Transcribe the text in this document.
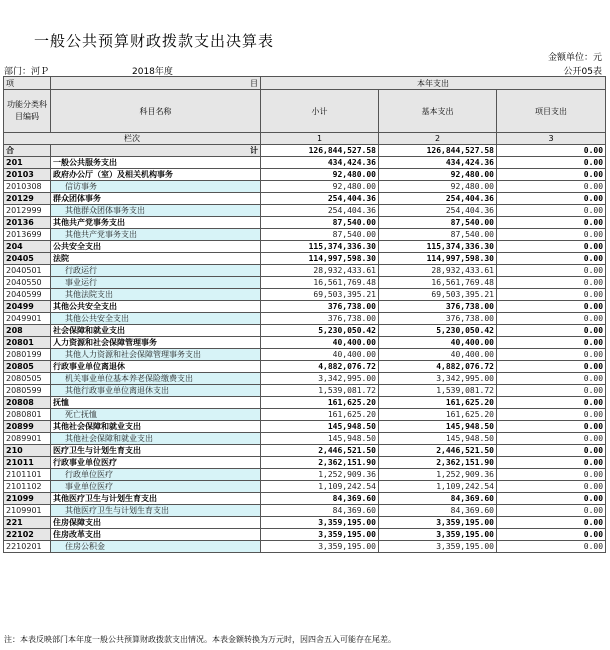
一般公共预算财政拨款支出决算表
金额单位：元
部门：河Ｐ	2018年度	公开05表
项	目	本年支出		
功能分类科目编码	科目名称	小计	基本支出	项目支出
栏次		1	2	3
合	计	126,844,527.58	126,844,527.58	0.00
201	一般公共服务支出	434,424.36	434,424.36	0.00
20103	政府办公厅（室）及相关机构事务	92,480.00	92,480.00	0.00
2010308	信访事务	92,480.00	92,480.00	0.00
20129	群众团体事务	254,404.36	254,404.36	0.00
2012999	其他群众团体事务支出	254,404.36	254,404.36	0.00
20136	其他共产党事务支出	87,540.00	87,540.00	0.00
2013699	其他共产党事务支出	87,540.00	87,540.00	0.00
204	公共安全支出	115,374,336.30	115,374,336.30	0.00
20405	法院	114,997,598.30	114,997,598.30	0.00
2040501	行政运行	28,932,433.61	28,932,433.61	0.00
2040550	事业运行	16,561,769.48	16,561,769.48	0.00
2040599	其他法院支出	69,503,395.21	69,503,395.21	0.00
20499	其他公共安全支出	376,738.00	376,738.00	0.00
2049901	其他公共安全支出	376,738.00	376,738.00	0.00
208	社会保障和就业支出	5,230,050.42	5,230,050.42	0.00
20801	人力资源和社会保障管理事务	40,400.00	40,400.00	0.00
2080199	其他人力资源和社会保障管理事务支出	40,400.00	40,400.00	0.00
20805	行政事业单位离退休	4,882,076.72	4,882,076.72	0.00
2080505	机关事业单位基本养老保险缴费支出	3,342,995.00	3,342,995.00	0.00
2080599	其他行政事业单位离退休支出	1,539,081.72	1,539,081.72	0.00
20808	抚恤	161,625.20	161,625.20	0.00
2080801	死亡抚恤	161,625.20	161,625.20	0.00
20899	其他社会保障和就业支出	145,948.50	145,948.50	0.00
2089901	其他社会保障和就业支出	145,948.50	145,948.50	0.00
210	医疗卫生与计划生育支出	2,446,521.50	2,446,521.50	0.00
21011	行政事业单位医疗	2,362,151.90	2,362,151.90	0.00
2101101	行政单位医疗	1,252,909.36	1,252,909.36	0.00
2101102	事业单位医疗	1,109,242.54	1,109,242.54	0.00
21099	其他医疗卫生与计划生育支出	84,369.60	84,369.60	0.00
2109901	其他医疗卫生与计划生育支出	84,369.60	84,369.60	0.00
221	住房保障支出	3,359,195.00	3,359,195.00	0.00
22102	住房改革支出	3,359,195.00	3,359,195.00	0.00
2210201	住房公积金	3,359,195.00	3,359,195.00	0.00
注：本表反映部门本年度一般公共预算财政拨款支出情况。本表金额转换为万元时，因四舍五入可能存在尾差。
